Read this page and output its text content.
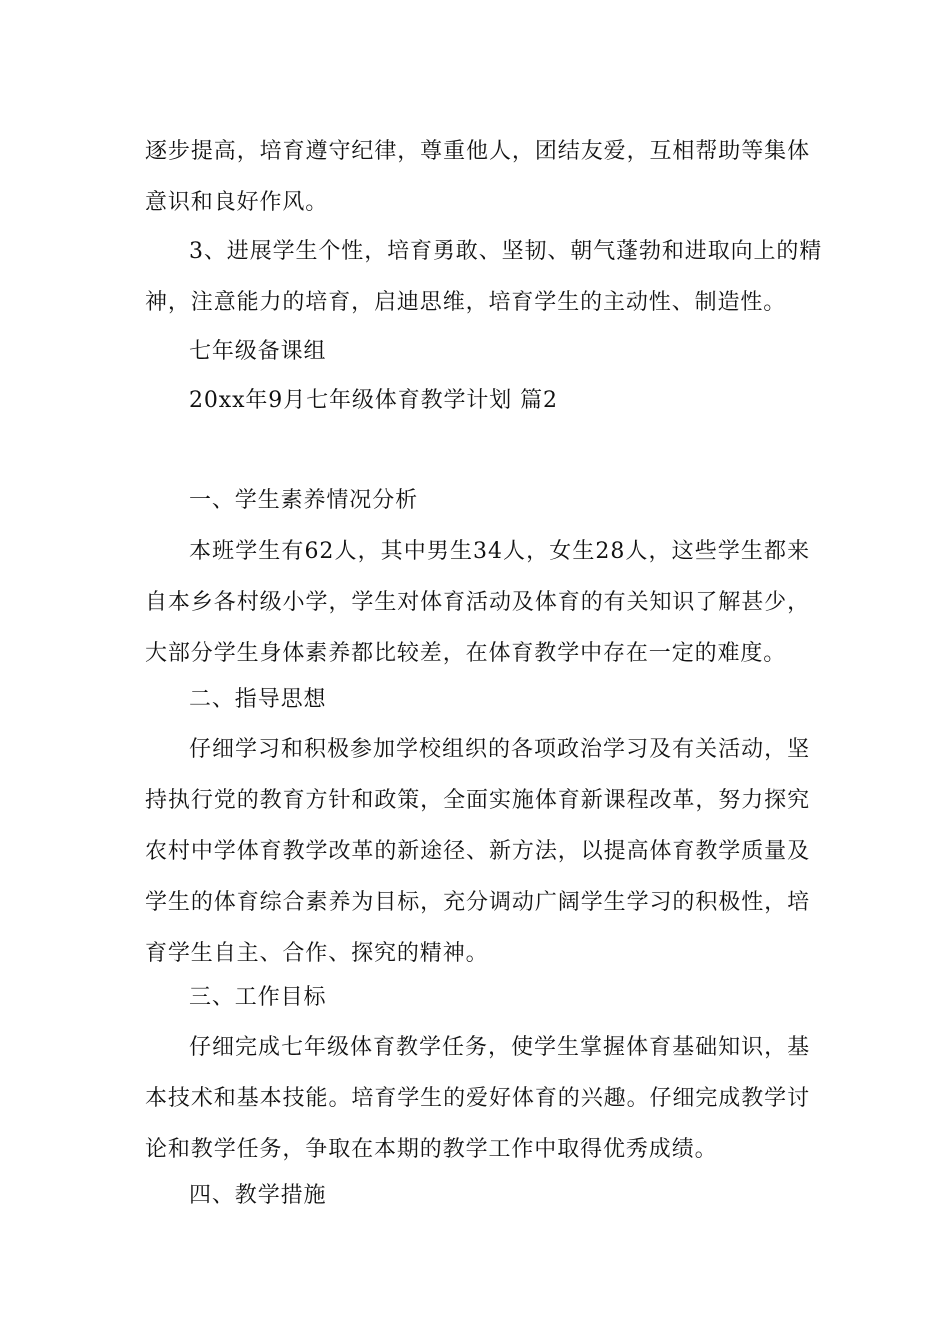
逐步提高，培育遵守纪律，尊重他人，团结友爱，互相帮助等集体
意识和良好作风。
3、进展学生个性，培育勇敢、坚韧、朝气蓬勃和进取向上的精
神，注意能力的培育，启迪思维，培育学生的主动性、制造性。
七年级备课组
20xx年9月七年级体育教学计划 篇2
一、学生素养情况分析
本班学生有62人，其中男生34人，女生28人，这些学生都来
自本乡各村级小学，学生对体育活动及体育的有关知识了解甚少，
大部分学生身体素养都比较差，在体育教学中存在一定的难度。
二、指导思想
仔细学习和积极参加学校组织的各项政治学习及有关活动，坚
持执行党的教育方针和政策，全面实施体育新课程改革，努力探究
农村中学体育教学改革的新途径、新方法，以提高体育教学质量及
学生的体育综合素养为目标，充分调动广阔学生学习的积极性，培
育学生自主、合作、探究的精神。
三、工作目标
仔细完成七年级体育教学任务，使学生掌握体育基础知识，基
本技术和基本技能。培育学生的爱好体育的兴趣。仔细完成教学讨
论和教学任务，争取在本期的教学工作中取得优秀成绩。
四、教学措施
